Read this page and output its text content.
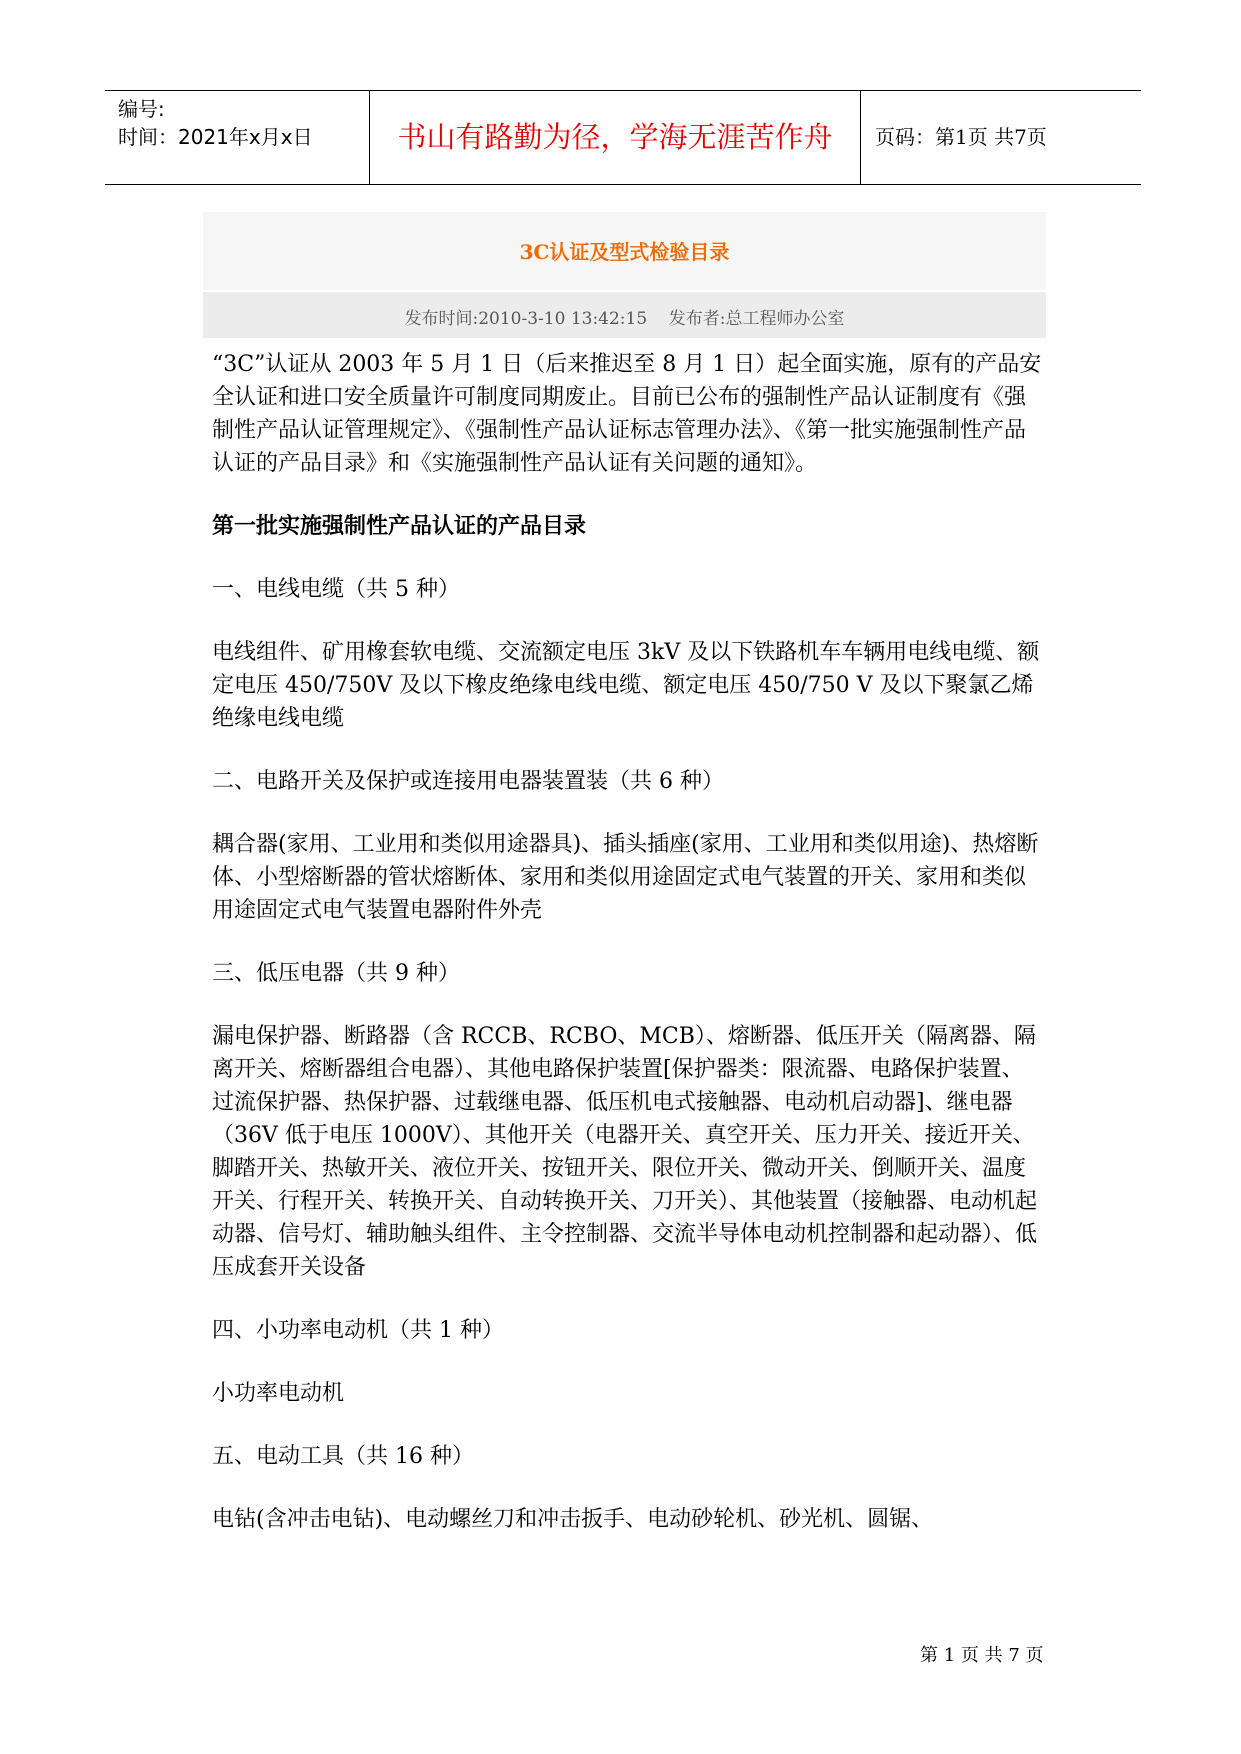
编号:
时间：2021年x月x日	书山有路勤为径，学海无涯苦作舟	页码：第1页 共7页
3C认证及型式检验目录
发布时间:2010-3-10 13:42:15    发布者:总工程师办公室

“3C”认证从 2003 年 5 月 1 日（后来推迟至 8 月 1 日）起全面实施，原有的产品安全认证和进口安全质量许可制度同期废止。目前已公布的强制性产品认证制度有《强制性产品认证管理规定》、《强制性产品认证标志管理办法》、《第一批实施强制性产品认证的产品目录》和《实施强制性产品认证有关问题的通知》。

第一批实施强制性产品认证的产品目录

一、电线电缆（共 5 种）

电线组件、矿用橡套软电缆、交流额定电压 3kV 及以下铁路机车车辆用电线电缆、额定电压 450/750V 及以下橡皮绝缘电线电缆、额定电压 450/750 V 及以下聚氯乙烯绝缘电线电缆

二、电路开关及保护或连接用电器装置装（共 6 种）

耦合器(家用、工业用和类似用途器具)、插头插座(家用、工业用和类似用途)、热熔断体、小型熔断器的管状熔断体、家用和类似用途固定式电气装置的开关、家用和类似用途固定式电气装置电器附件外壳

三、低压电器（共 9 种）

漏电保护器、断路器（含 RCCB、RCBO、MCB）、熔断器、低压开关（隔离器、隔离开关、熔断器组合电器）、其他电路保护装置[保护器类：限流器、电路保护装置、过流保护器、热保护器、过载继电器、低压机电式接触器、电动机启动器]、继电器（36V 低于电压 1000V）、其他开关（电器开关、真空开关、压力开关、接近开关、脚踏开关、热敏开关、液位开关、按钮开关、限位开关、微动开关、倒顺开关、温度开关、行程开关、转换开关、自动转换开关、刀开关）、其他装置（接触器、电动机起动器、信号灯、辅助触头组件、主令控制器、交流半导体电动机控制器和起动器）、低压成套开关设备

四、小功率电动机（共 1 种）

小功率电动机

五、电动工具（共 16 种）

电钻(含冲击电钻)、电动螺丝刀和冲击扳手、电动砂轮机、砂光机、圆锯、

第 1 页 共 7 页
